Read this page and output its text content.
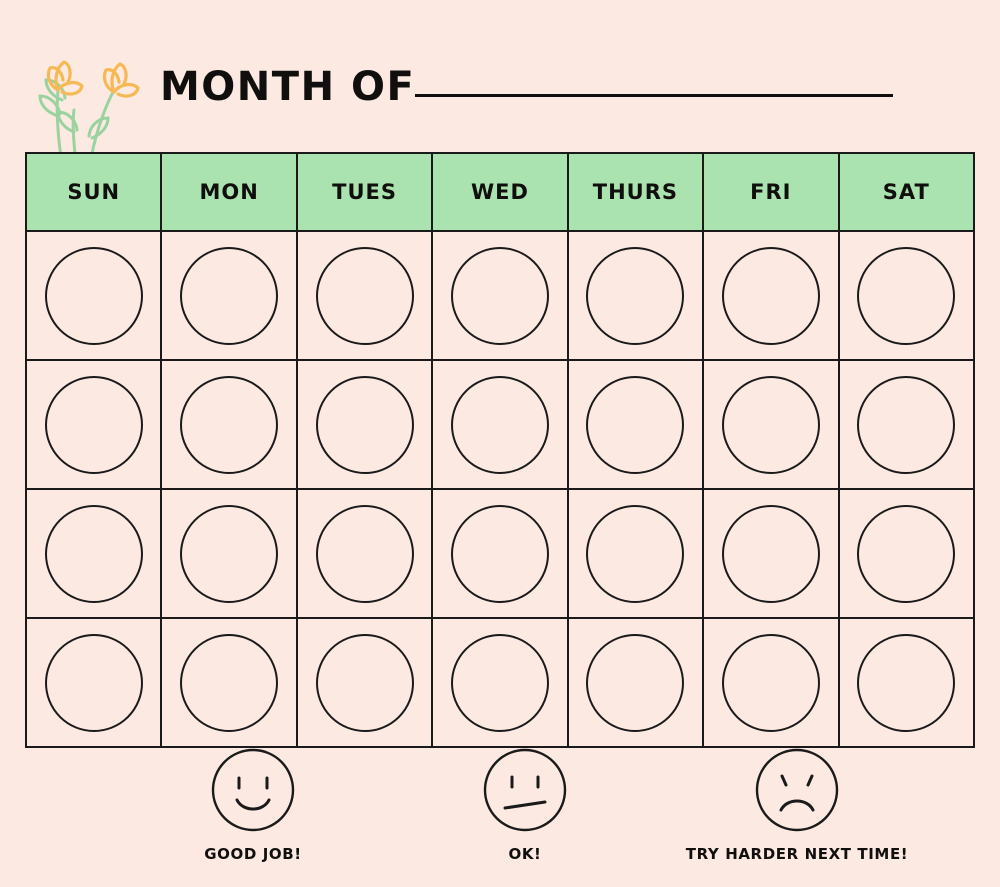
MONTH OF
SUN	MON	TUES	WED	THURS	FRI	SAT
GOOD JOB!	OK!	TRY HARDER NEXT TIME!
